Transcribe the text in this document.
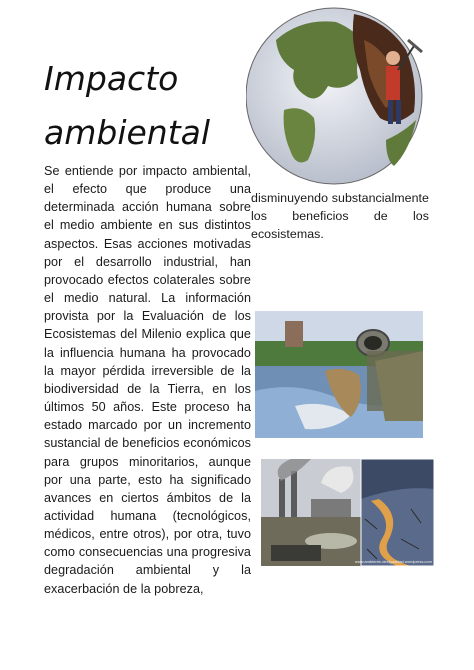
Impacto
ambiental

Se entiende por impacto ambiental, el efecto que produce una determinada acción humana sobre el medio ambiente en sus distintos aspectos. Esas acciones motivadas por el desarrollo industrial, han provocado efectos colaterales sobre el medio natural. La información provista por la Evaluación de los Ecosistemas del Milenio explica que la influencia humana ha provocado la mayor pérdida irreversible de la biodiversidad de la Tierra, en los últimos 50 años. Este proceso ha estado marcado por un incremento sustancial de beneficios económicos para grupos minoritarios, aunque por una parte, esto ha significado avances en ciertos ámbitos de la actividad humana (tecnológicos, médicos, entre otros), por otra, tuvo como consecuencias una progresiva degradación ambiental y la exacerbación de la pobreza,

disminuyendo substancialmente los beneficios de los ecosistemas.

www.ambiente-desigualdad.wordpress.com
